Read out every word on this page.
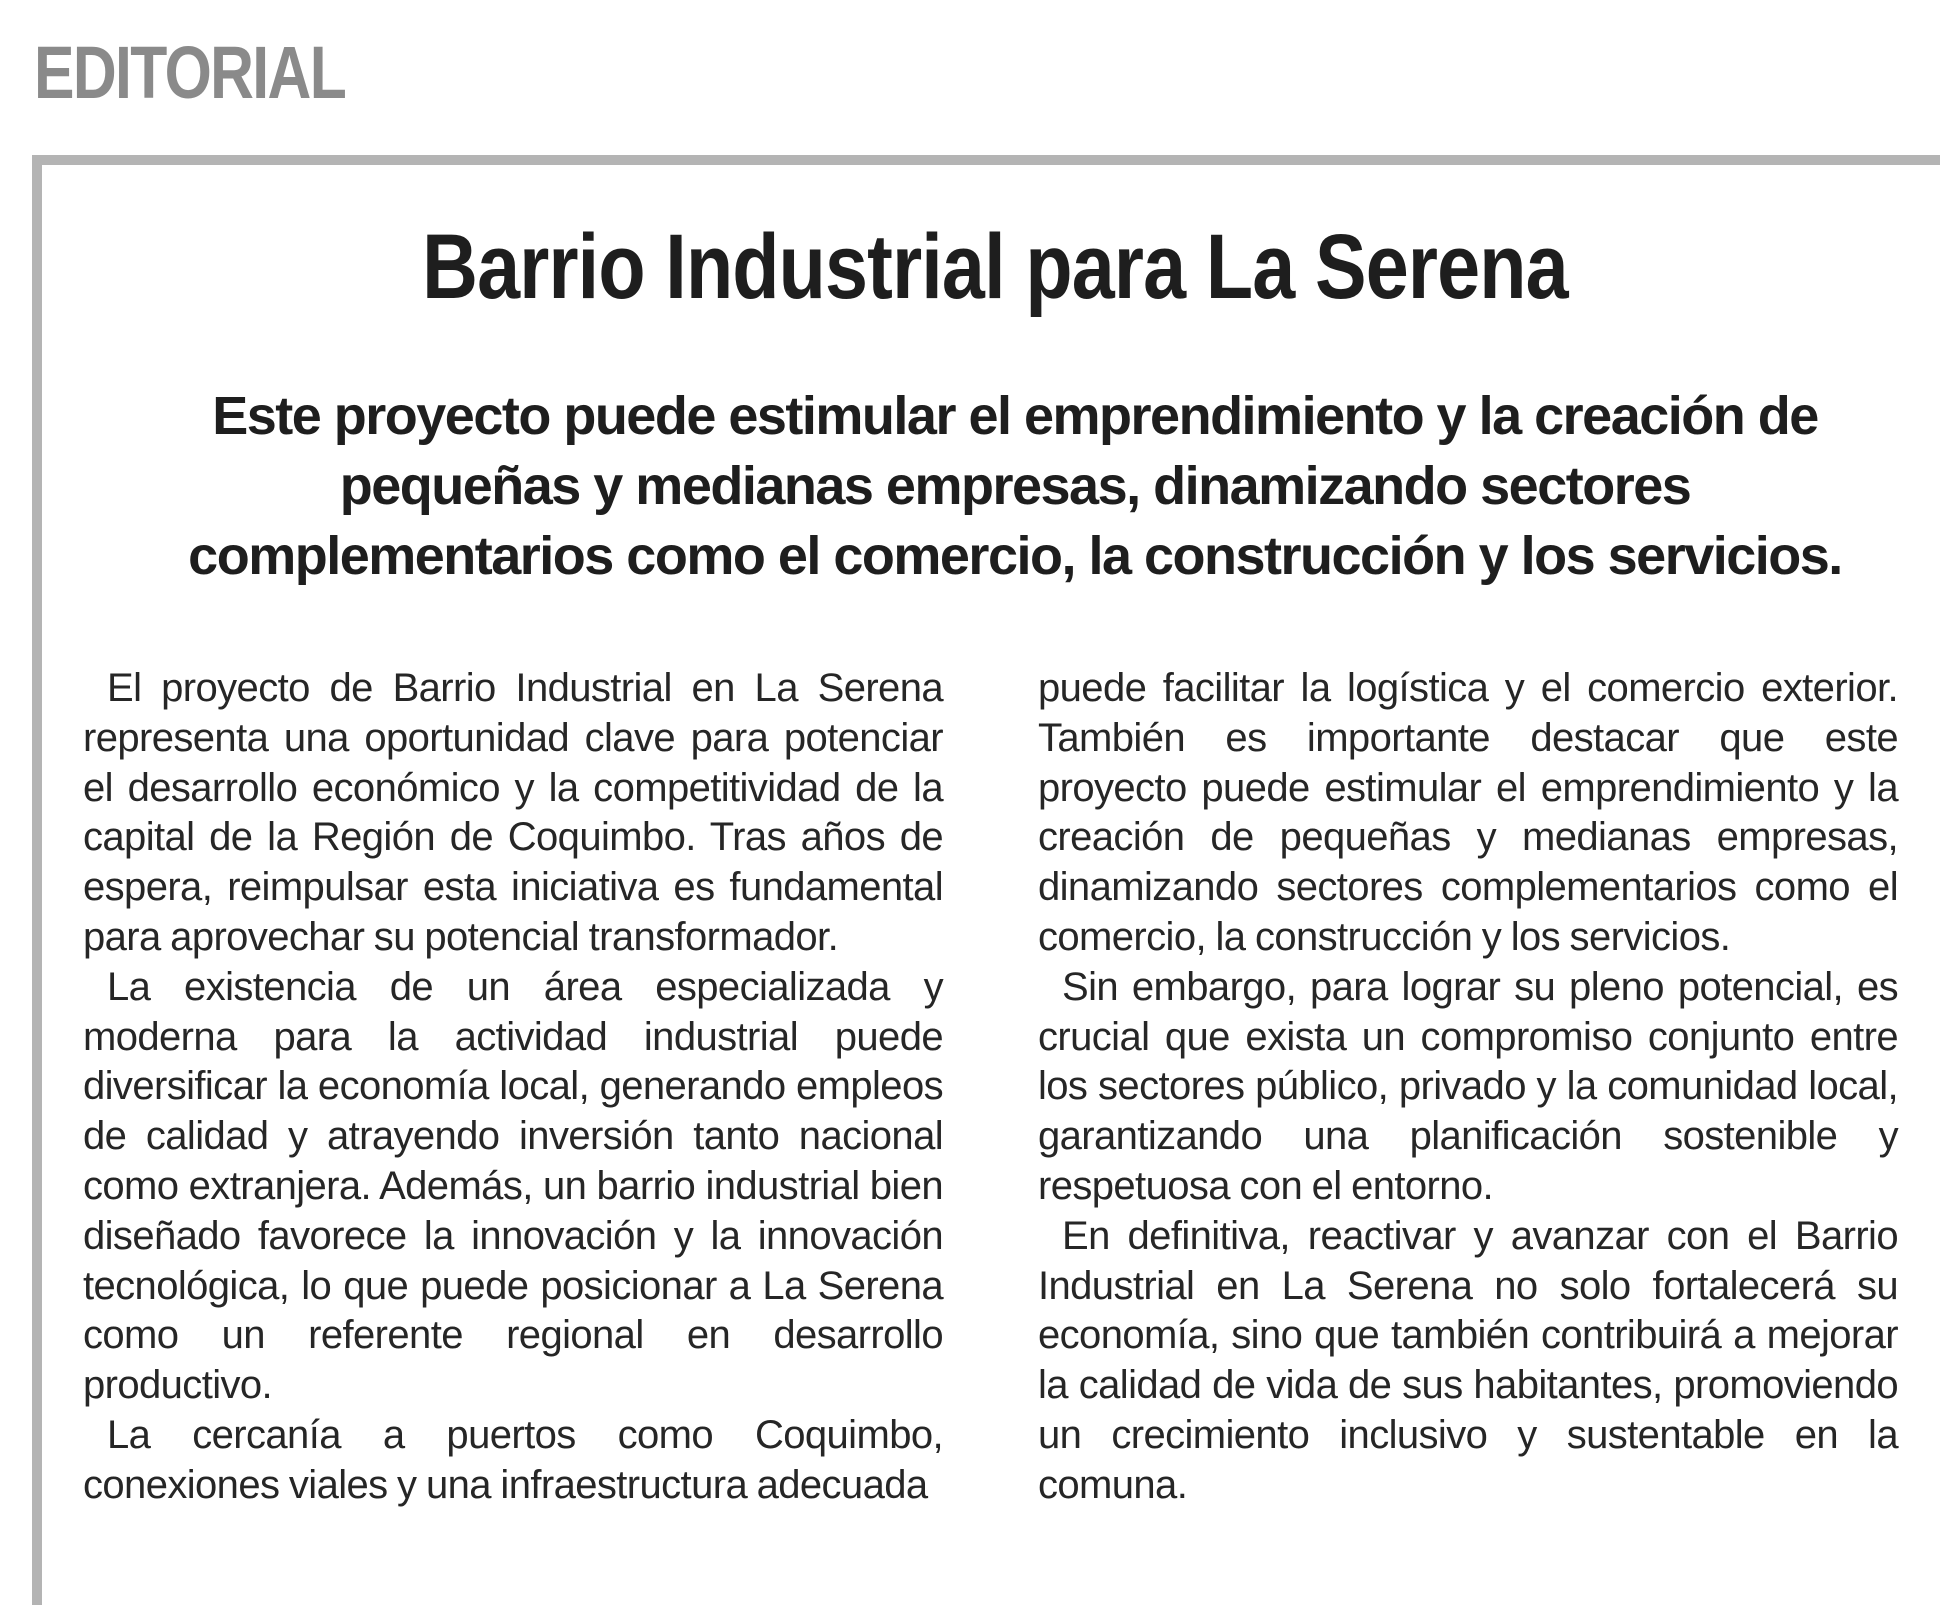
EDITORIAL
Barrio Industrial para La Serena
Este proyecto puede estimular el emprendimiento y la creación de pequeñas y medianas empresas, dinamizando sectores complementarios como el comercio, la construcción y los servicios.

El proyecto de Barrio Industrial en La Serena representa una oportunidad clave para potenciar el desarrollo económico y la competitividad de la capital de la Región de Coquimbo. Tras años de espera, reimpulsar esta iniciativa es fundamental para aprovechar su potencial transformador.

La existencia de un área especializada y moderna para la actividad industrial puede diversificar la economía local, generando empleos de calidad y atrayendo inversión tanto nacional como extranjera. Además, un barrio industrial bien diseñado favorece la innovación y la innovación tecnológica, lo que puede posicionar a La Serena como un referente regional en desarrollo productivo.

La cercanía a puertos como Coquimbo, conexiones viales y una infraestructura adecuada

puede facilitar la logística y el comercio exterior. También es importante destacar que este proyecto puede estimular el emprendimiento y la creación de pequeñas y medianas empresas, dinamizando sectores complementarios como el comercio, la construcción y los servicios.

Sin embargo, para lograr su pleno potencial, es crucial que exista un compromiso conjunto entre los sectores público, privado y la comunidad local, garantizando una planificación sostenible y respetuosa con el entorno.

En definitiva, reactivar y avanzar con el Barrio Industrial en La Serena no solo fortalecerá su economía, sino que también contribuirá a mejorar la calidad de vida de sus habitantes, promoviendo un crecimiento inclusivo y sustentable en la comuna.
